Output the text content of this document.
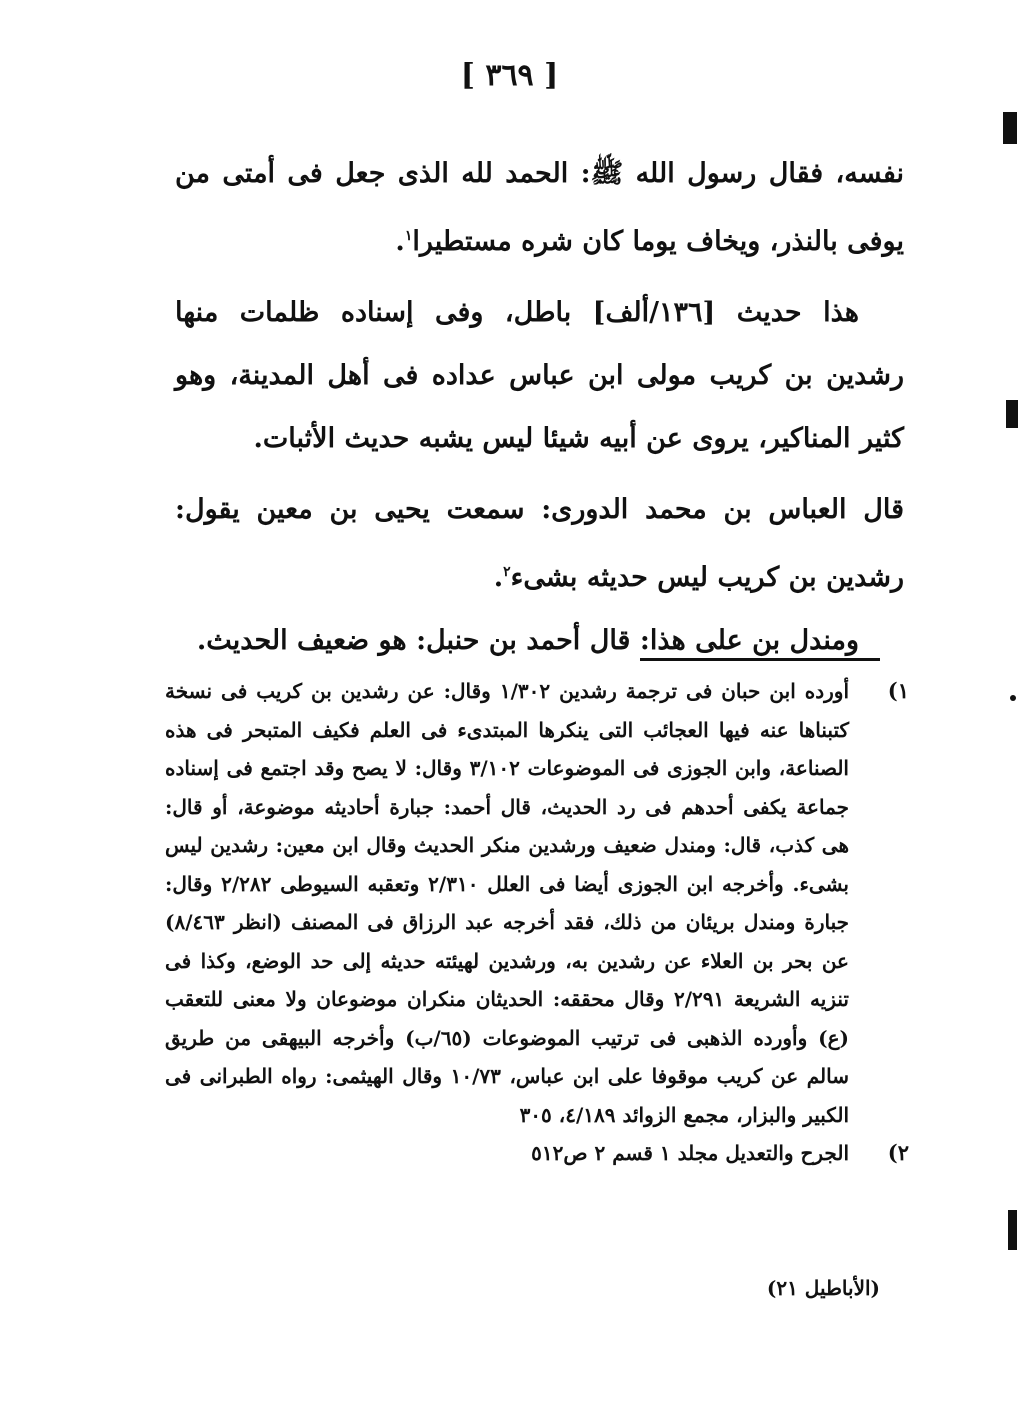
[ ٣٦٩ ]

نفسه، فقال رسول الله ﷺ: الحمد لله الذى جعل فى أمتى من يوفى بالنذر، ويخاف يوما كان شره مستطيرا$^١$.

هذا حديث [١٣٦/ألف] باطل، وفى إسناده ظلمات منها رشدين بن كريب مولى ابن عباس عداده فى أهل المدينة، وهو كثير المناكير، يروى عن أبيه شيئا ليس يشبه حديث الأثبات.

قال العباس بن محمد الدورى: سمعت يحيى بن معين يقول: رشدين بن كريب ليس حديثه بشىء$^٢$.

ومندل بن على هذا: قال أحمد بن حنبل: هو ضعيف الحديث.

١)
أورده ابن حبان فى ترجمة رشدين ١/٣٠٢ وقال: عن رشدين بن كريب فى نسخة كتبناها عنه فيها العجائب التى ينكرها المبتدىء فى العلم فكيف المتبحر فى هذه الصناعة، وابن الجوزى فى الموضوعات ٣/١٠٢ وقال: لا يصح وقد اجتمع فى إسناده جماعة يكفى أحدهم فى رد الحديث، قال أحمد: جبارة أحاديثه موضوعة، أو قال: هى كذب، قال: ومندل ضعيف ورشدين منكر الحديث وقال ابن معين: رشدين ليس بشىء. وأخرجه ابن الجوزى أيضا فى العلل ٢/٣١٠ وتعقبه السيوطى ٢/٢٨٢ وقال: جبارة ومندل بريئان من ذلك، فقد أخرجه عبد الرزاق فى المصنف (انظر ٨/٤٦٣) عن بحر بن العلاء عن رشدين به، ورشدين لهيئته حديثه إلى حد الوضع، وكذا فى تنزيه الشريعة ٢/٢٩١ وقال محققه: الحديثان منكران موضوعان ولا معنى للتعقب (ع) وأورده الذهبى فى ترتيب الموضوعات (٦٥/ب) وأخرجه البيهقى من طريق سالم عن كريب موقوفا على ابن عباس، ١٠/٧٣ وقال الهيثمى: رواه الطبرانى فى الكبير والبزار، مجمع الزوائد ٤/١٨٩، ٣٠٥
٢)
الجرح والتعديل مجلد ١ قسم ٢ ص٥١٢
(الأباطيل ٢١)
